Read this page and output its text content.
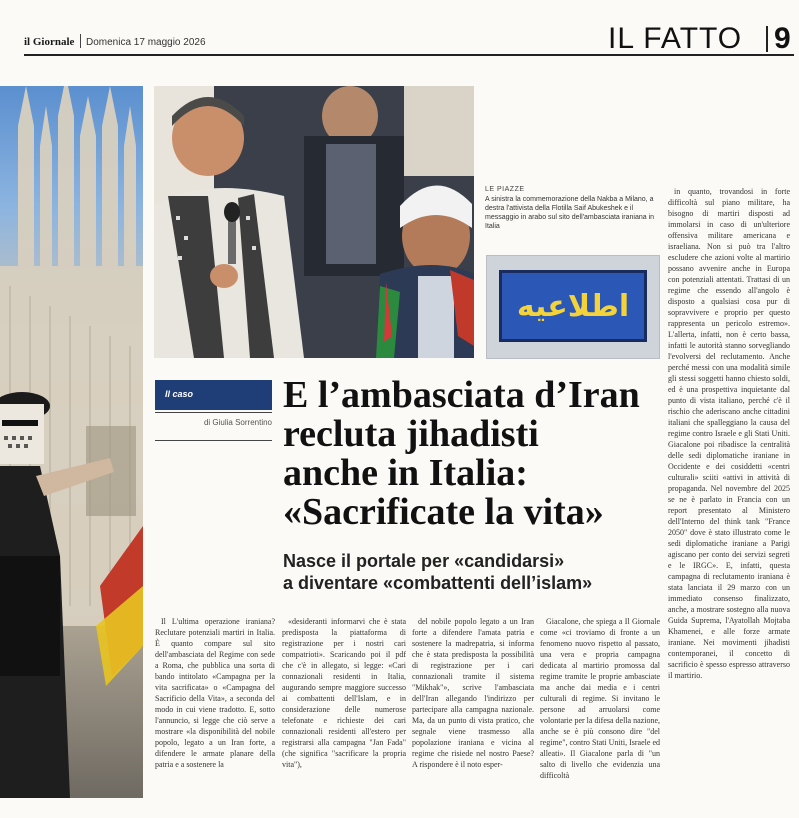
il Giornale Domenica 17 maggio 2026	IL FATTO 9
LE PIAZZE
A sinistra la commemorazione della Nakba a Milano, a destra l'attivista della Flotilla Saif Abukeshek e il messaggio in arabo sul sito dell'ambasciata iraniana in Italia
اطلاعیه
Il caso
di Giulia Sorrentino
E l’ambasciata d’Iran
recluta jihadisti
anche in Italia:
«Sacrificate la vita»
Nasce il portale per «candidarsi»
a diventare «combattenti dell’islam»

Il L'ultima operazione iraniana? Reclutare potenziali martiri in Italia. È quanto compare sul sito dell'ambasciata del Regime con sede a Roma, che pubblica una sorta di bando intitolato «Campagna per la vita sacrificata» o «Campagna del Sacrificio della Vita», a seconda del modo in cui viene tradotto. E, sotto l'annuncio, si legge che ciò serve a mostrare «la disponibilità del nobile popolo, legato a un Iran forte, a difendere le armate planare della patria e a sostenere la

«desideranti informarvi che è stata predisposta la piattaforma di registrazione per i nostri cari compatrioti». Scaricando poi il pdf che c'è in allegato, si legge: «Cari connazionali residenti in Italia, augurando sempre maggiore successo ai combattenti dell'Islam, e in considerazione delle numerose telefonate e richieste dei cari connazionali residenti all'estero per registrarsi alla campagna "Jan Fada" (che significa "sacrificare la propria vita"),

del nobile popolo legato a un Iran forte a difendere l'amata patria e sostenere la madrepatria, si informa che è stata predisposta la possibilità di registrazione per i cari connazionali tramite il sistema "Mikhak"», scrive l'ambasciata dell'Iran allegando l'indirizzo per partecipare alla campagna nazionale. Ma, da un punto di vista pratico, che segnale viene trasmesso alla popolazione iraniana e vicina al regime che risiede nel nostro Paese? A rispondere è il noto esper-

Giacalone, che spiega a Il Giornale come «ci troviamo di fronte a un fenomeno nuovo rispetto al passato, una vera e propria campagna dedicata al martirio promossa dal regime tramite le proprie ambasciate ma anche dai media e i centri culturali di regime. Si invitano le persone ad arruolarsi come volontarie per la difesa della nazione, anche se è più consono dire "del regime", contro Stati Uniti, Israele ed alleati». Il Giacalone parla di "un salto di livello che evidenzia una difficoltà

in quanto, trovandosi in forte difficoltà sul piano militare, ha bisogno di martiri disposti ad immolarsi in caso di un'ulteriore offensiva militare americana e israeliana. Non si può tra l'altro escludere che azioni volte al martirio possano avvenire anche in Europa con potenziali attentati. Trattasi di un regime che essendo all'angolo è disposto a qualsiasi cosa pur di sopravvivere e proprio per questo rappresenta un pericolo estremo». L'allerta, infatti, non è certo bassa, infatti le autorità stanno sorvegliando l'evolversi del reclutamento. Anche perché messi con una modalità simile gli stessi soggetti hanno chiesto soldi, ed è una prospettiva inquietante dal punto di vista italiano, perché c'è il rischio che aderiscano anche cittadini italiani che spalleggiano la causa del regime contro Israele e gli Stati Uniti. Giacalone poi ribadisce la centralità delle sedi diplomatiche iraniane in Occidente e dei cosiddetti «centri culturali» sciiti «attivi in attività di propaganda. Nel novembre del 2025 se ne è parlato in Francia con un report presentato al Ministero dell'Interno del think tank "France 2050" dove è stato illustrato come le sedi diplomatiche iraniane a Parigi agiscano per conto dei servizi segreti e le IRGC». E, infatti, questa campagna di reclutamento iraniana è stata lanciata il 29 marzo con un immediato consenso finalizzato, anche, a mostrare sostegno alla nuova Guida Suprema, l'Ayatollah Mojtaba Khamenei, e alle forze armate iraniane. Nei movimenti jihadisti contemporanei, il concetto di sacrificio è spesso espresso attraverso il martirio.
